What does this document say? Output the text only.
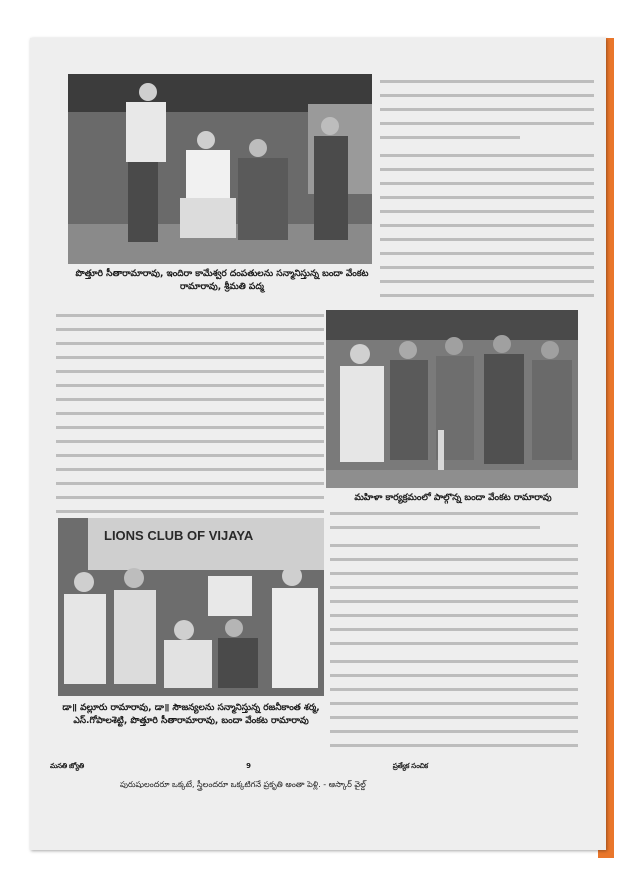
పొత్తూరి సీతారామారావు, ఇందిరా కామేశ్వర దంపతులను సన్మానిస్తున్న బందా వేంకట రామారావు, శ్రీమతి పద్మ
మహిళా కార్యక్రమంలో పాల్గొన్న బందా వేంకట రామారావు
LIONS CLUB OF VIJAYA
డా॥ వల్లూరు రామారావు, డా॥ సౌజన్యలను సన్మానిస్తున్న రజనీకాంత శర్మ, ఎస్.గోపాలశెట్టి, పొత్తూరి సీతారామారావు, బందా వేంకట రామారావు
మనతి జ్యోతి	9	ప్రత్యేక సంచిక
పురుషులందరూ ఒక్కటే, స్త్రీలందరూ ఒక్కటిగనే ప్రకృతి అంతా పెళ్లి. - ఆస్కార్ వైల్డ్
